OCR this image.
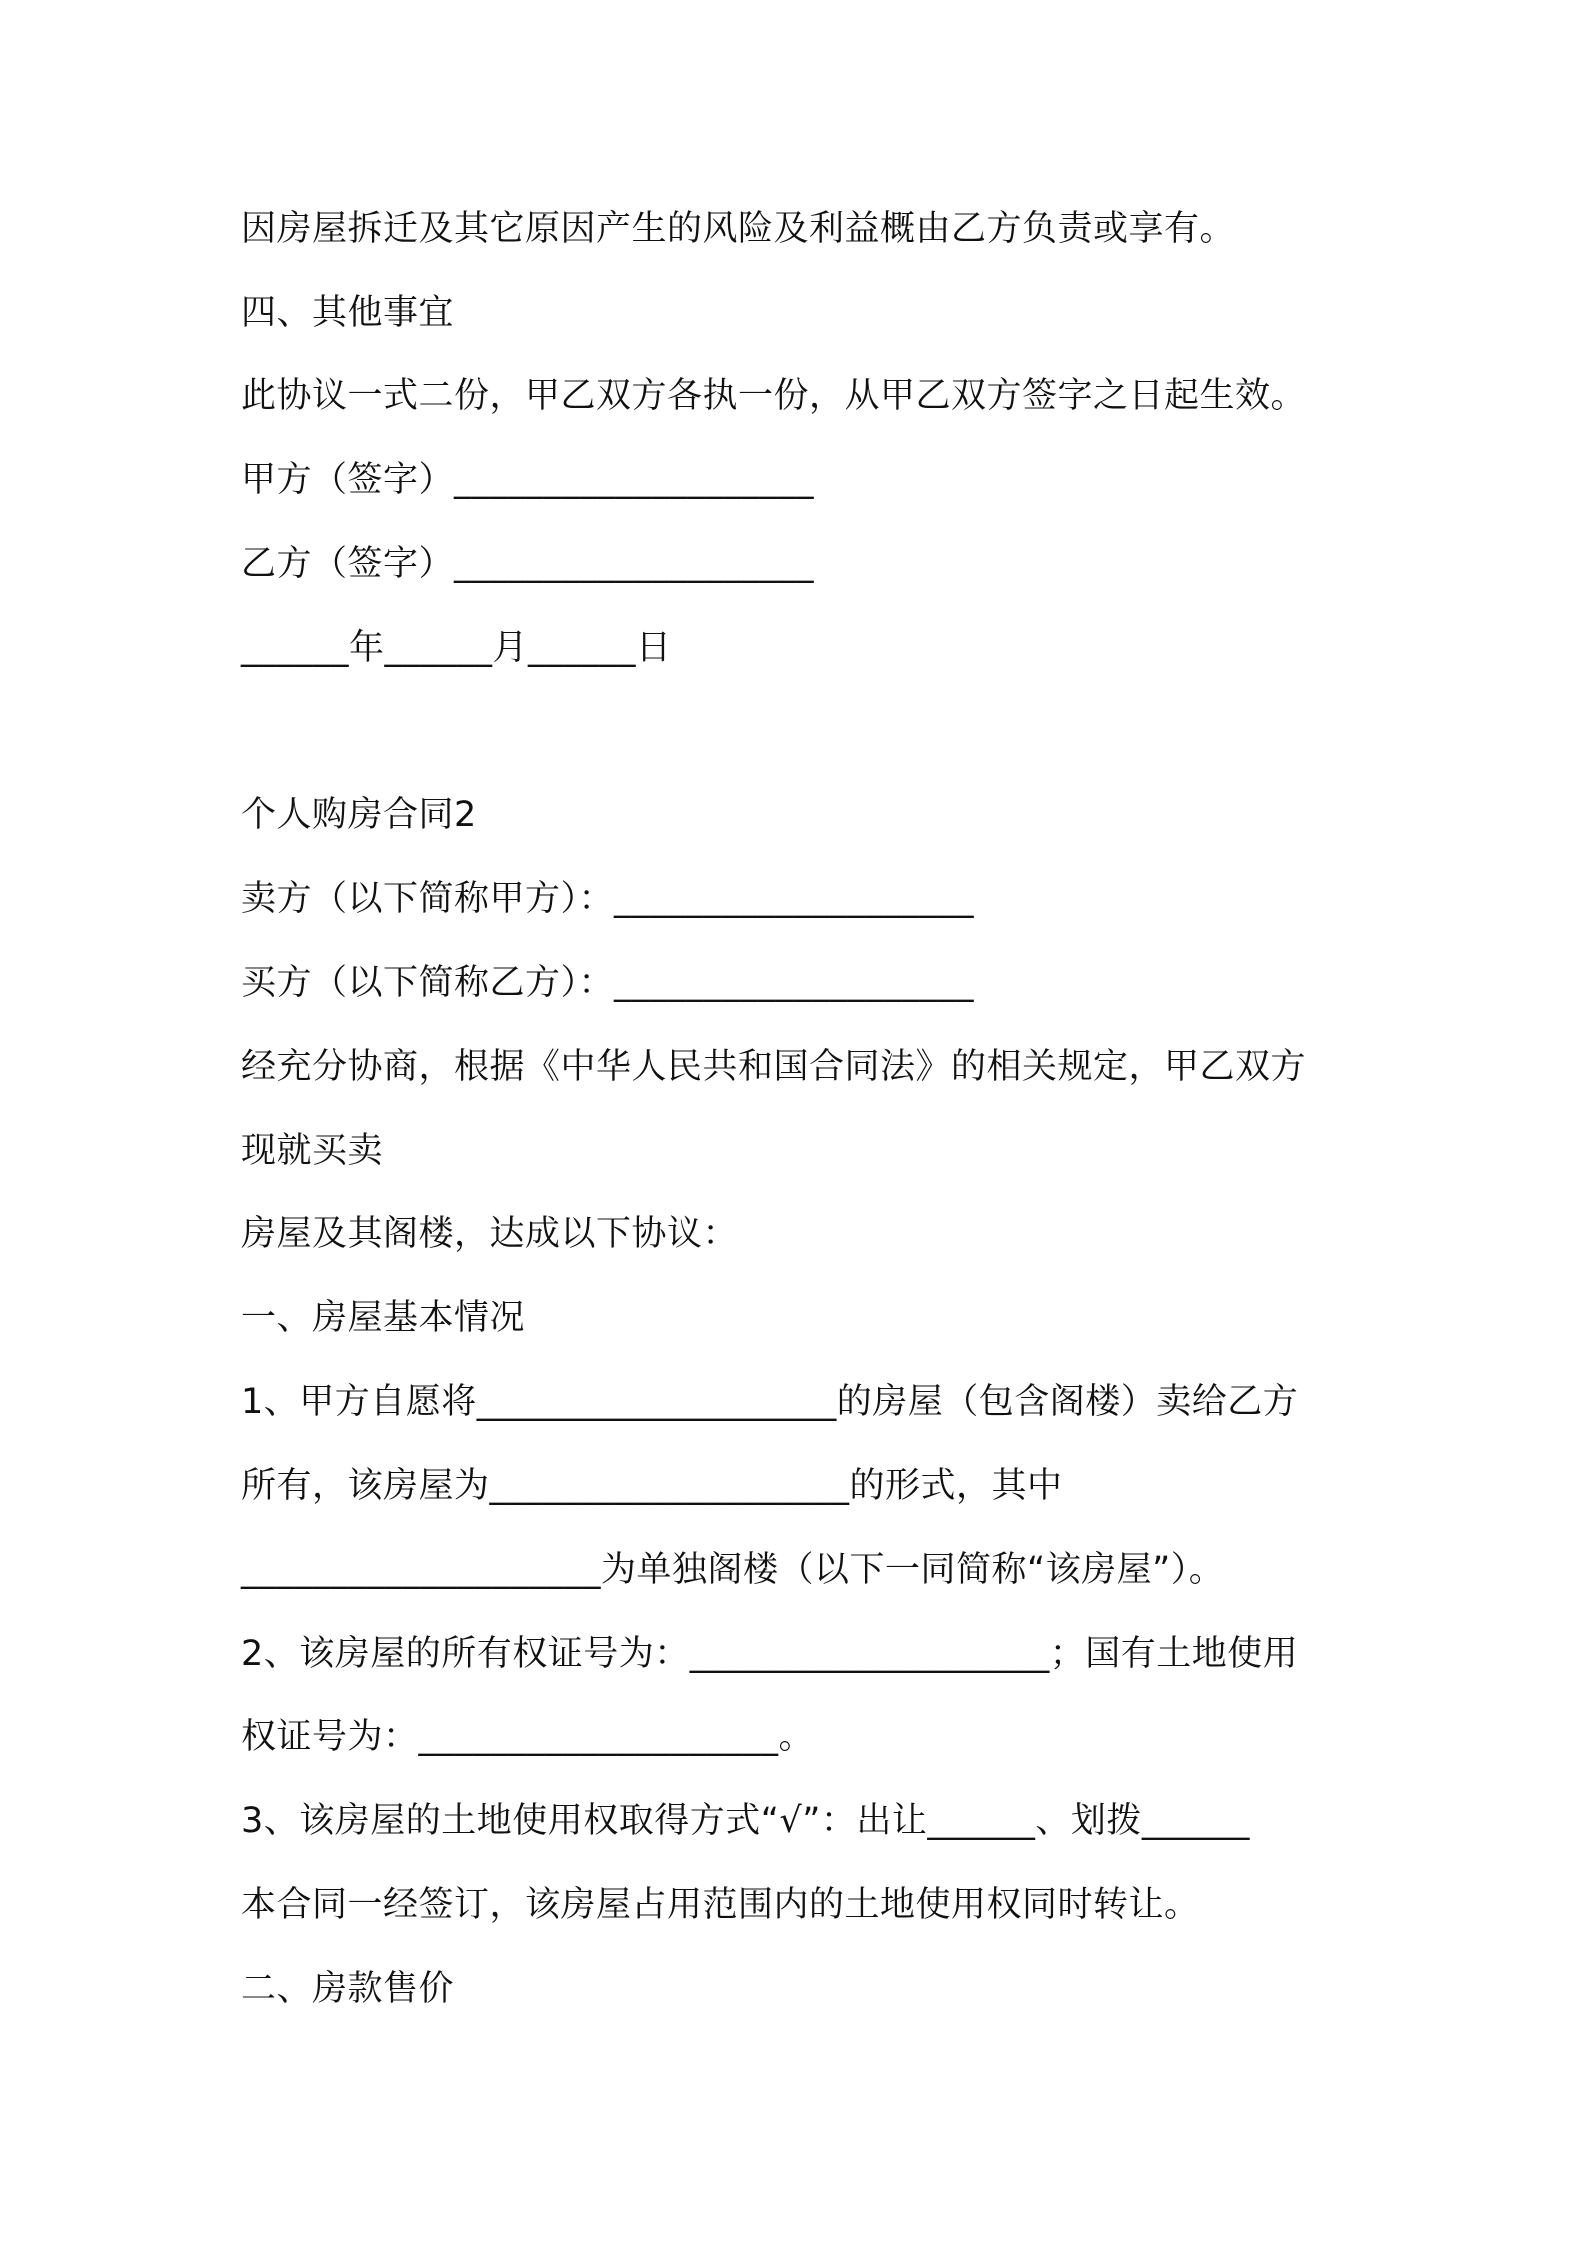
因房屋拆迁及其它原因产生的风险及利益概由乙方负责或享有。
四、其他事宜
此协议一式二份，甲乙双方各执一份，从甲乙双方签字之日起生效。
甲方（签字）____________________
乙方（签字）____________________
______年______月______日
个人购房合同2
卖方（以下简称甲方）：____________________
买方（以下简称乙方）：____________________
经充分协商，根据《中华人民共和国合同法》的相关规定，甲乙双方
现就买卖
房屋及其阁楼，达成以下协议：
一、房屋基本情况
1、甲方自愿将____________________的房屋（包含阁楼）卖给乙方
所有，该房屋为____________________的形式，其中
____________________为单独阁楼（以下一同简称“该房屋”）。
2、该房屋的所有权证号为：____________________；国有土地使用
权证号为：____________________。
3、该房屋的土地使用权取得方式“√”：出让______、划拨______
本合同一经签订，该房屋占用范围内的土地使用权同时转让。
二、房款售价
